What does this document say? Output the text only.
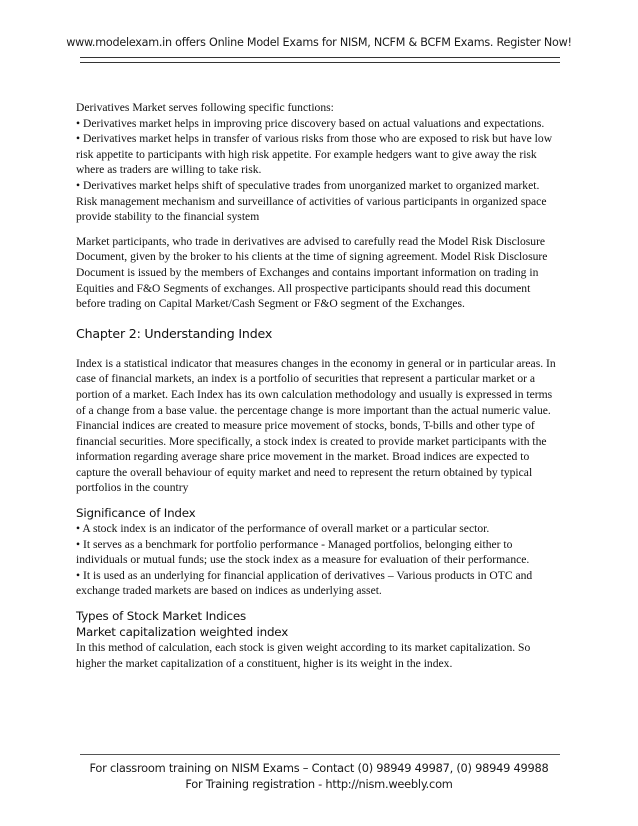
www.modelexam.in offers Online Model Exams for NISM, NCFM & BCFM Exams. Register Now!

Derivatives Market serves following specific functions:

• Derivatives market helps in improving price discovery based on actual valuations and expectations.

• Derivatives market helps in transfer of various risks from those who are exposed to risk but have low risk appetite to participants with high risk appetite. For example hedgers want to give away the risk where as traders are willing to take risk.

• Derivatives market helps shift of speculative trades from unorganized market to organized market. Risk management mechanism and surveillance of activities of various participants in organized space provide stability to the financial system

Market participants, who trade in derivatives are advised to carefully read the Model Risk Disclosure Document, given by the broker to his clients at the time of signing agreement. Model Risk Disclosure Document is issued by the members of Exchanges and contains important information on trading in Equities and F&O Segments of exchanges. All prospective participants should read this document before trading on Capital Market/Cash Segment or F&O segment of the Exchanges.

Chapter 2: Understanding Index

Index is a statistical indicator that measures changes in the economy in general or in particular areas. In case of financial markets, an index is a portfolio of securities that represent a particular market or a portion of a market. Each Index has its own calculation methodology and usually is expressed in terms of a change from a base value. the percentage change is more important than the actual numeric value. Financial indices are created to measure price movement of stocks, bonds, T-bills and other type of financial securities. More specifically, a stock index is created to provide market participants with the information regarding average share price movement in the market. Broad indices are expected to capture the overall behaviour of equity market and need to represent the return obtained by typical portfolios in the country

Significance of Index

• A stock index is an indicator of the performance of overall market or a particular sector.

• It serves as a benchmark for portfolio performance - Managed portfolios, belonging either to individuals or mutual funds; use the stock index as a measure for evaluation of their performance.

• It is used as an underlying for financial application of derivatives – Various products in OTC and exchange traded markets are based on indices as underlying asset.

Types of Stock Market Indices

Market capitalization weighted index

In this method of calculation, each stock is given weight according to its market capitalization. So higher the market capitalization of a constituent, higher is its weight in the index.

For classroom training on NISM Exams – Contact (0) 98949 49987, (0) 98949 49988
For Training registration - http://nism.weebly.com
